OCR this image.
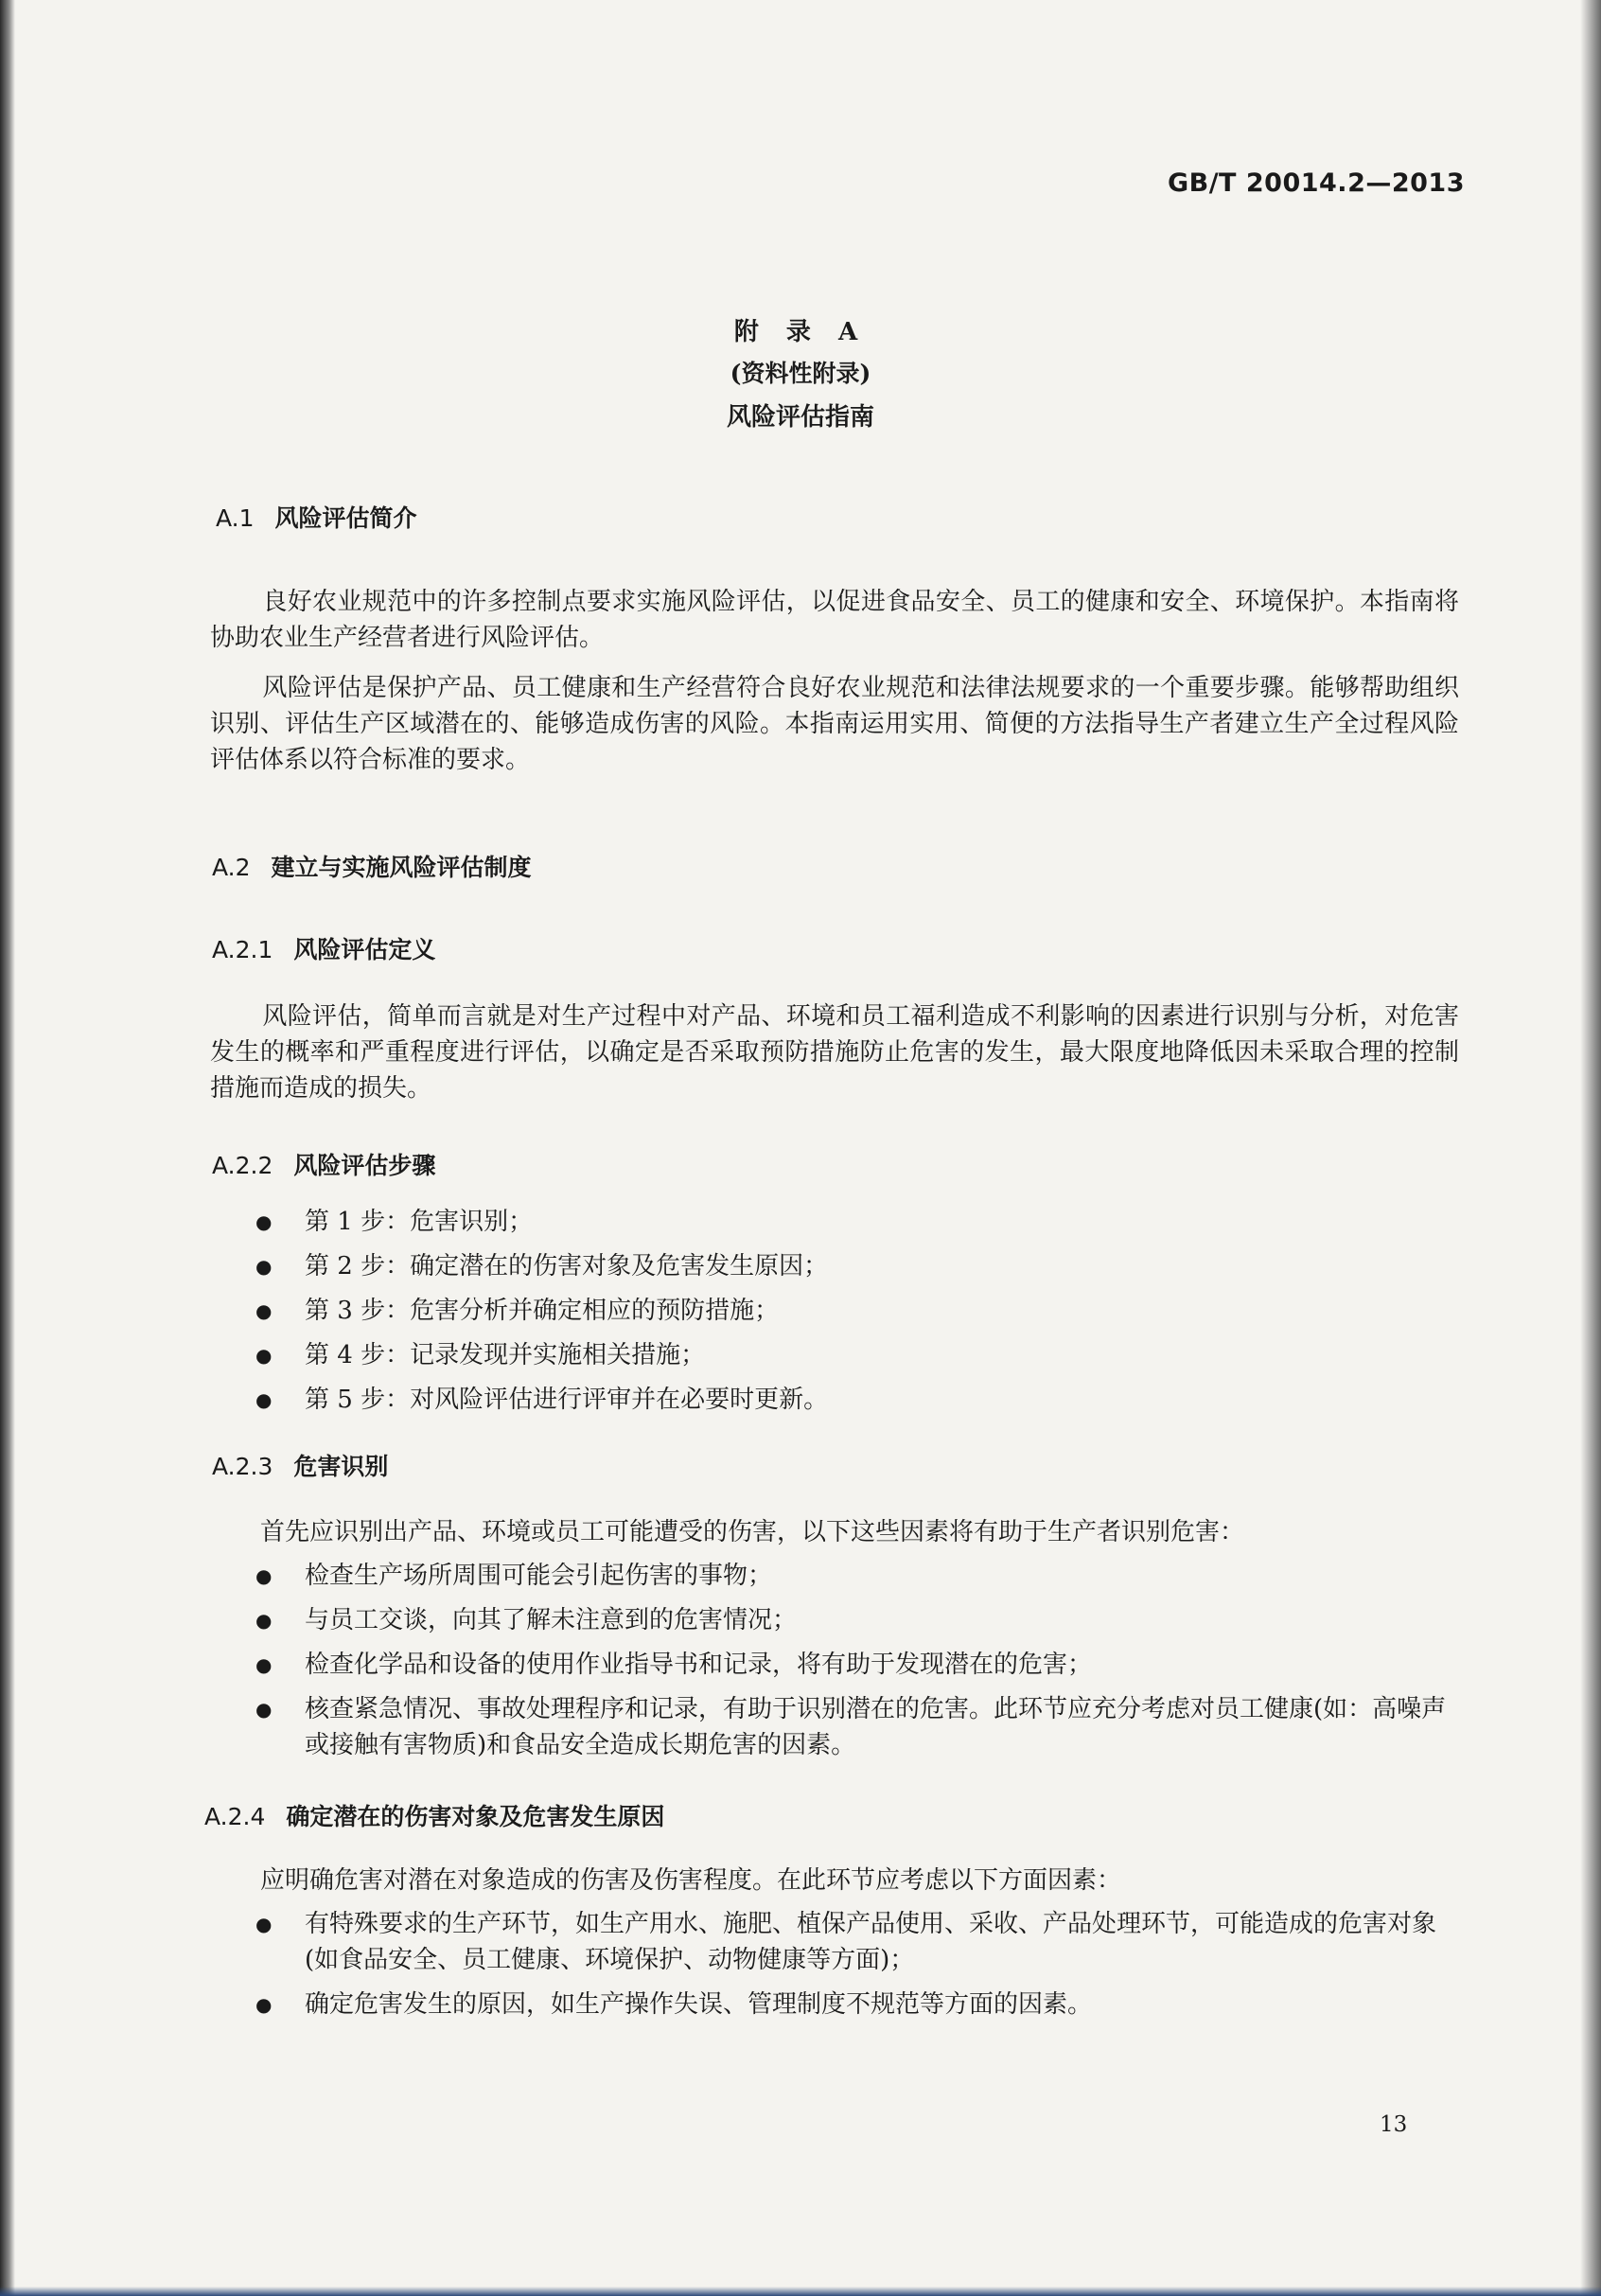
GB/T 20014.2—2013
附 录 A
(资料性附录)
风险评估指南
A.1 风险评估简介
良好农业规范中的许多控制点要求实施风险评估，以促进食品安全、员工的健康和安全、环境保护。本指南将协助农业生产经营者进行风险评估。
风险评估是保护产品、员工健康和生产经营符合良好农业规范和法律法规要求的一个重要步骤。能够帮助组织识别、评估生产区域潜在的、能够造成伤害的风险。本指南运用实用、简便的方法指导生产者建立生产全过程风险评估体系以符合标准的要求。
A.2 建立与实施风险评估制度
A.2.1 风险评估定义
风险评估，简单而言就是对生产过程中对产品、环境和员工福利造成不利影响的因素进行识别与分析，对危害发生的概率和严重程度进行评估，以确定是否采取预防措施防止危害的发生，最大限度地降低因未采取合理的控制措施而造成的损失。
A.2.2 风险评估步骤
● 第 1 步：危害识别；
● 第 2 步：确定潜在的伤害对象及危害发生原因；
● 第 3 步：危害分析并确定相应的预防措施；
● 第 4 步：记录发现并实施相关措施；
● 第 5 步：对风险评估进行评审并在必要时更新。
A.2.3 危害识别
首先应识别出产品、环境或员工可能遭受的伤害，以下这些因素将有助于生产者识别危害：
● 检查生产场所周围可能会引起伤害的事物；
● 与员工交谈，向其了解未注意到的危害情况；
● 检查化学品和设备的使用作业指导书和记录，将有助于发现潜在的危害；
● 核查紧急情况、事故处理程序和记录，有助于识别潜在的危害。此环节应充分考虑对员工健康(如：高噪声或接触有害物质)和食品安全造成长期危害的因素。
A.2.4 确定潜在的伤害对象及危害发生原因
应明确危害对潜在对象造成的伤害及伤害程度。在此环节应考虑以下方面因素：
● 有特殊要求的生产环节，如生产用水、施肥、植保产品使用、采收、产品处理环节，可能造成的危害对象(如食品安全、员工健康、环境保护、动物健康等方面)；
● 确定危害发生的原因，如生产操作失误、管理制度不规范等方面的因素。
13
